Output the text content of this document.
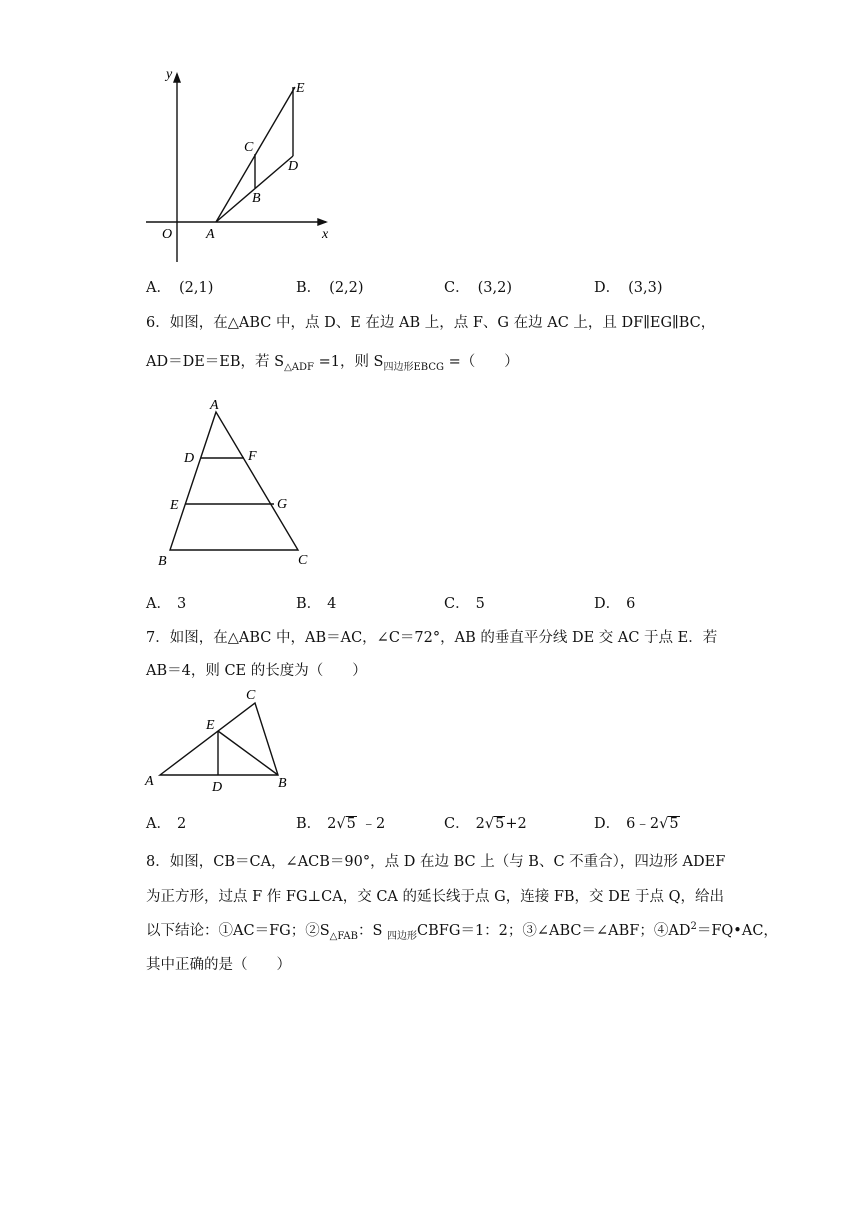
y
x
O A
B
C
D
E
A． (2,1)	B． (2,2)	C． (3,2)	D． (3,3)
6．如图，在△ABC 中，点 D、E 在边 AB 上，点 F、G 在边 AC 上，且 DF∥EG∥BC，
AD＝DE＝EB，若 $S_{\triangle ADF} =1$，则 $S_{四边形EBCG}$ =（　　）
A
D	F
E	G
B	C
A． 3	B． 4	C． 5	D． 6
7．如图，在△ABC 中，AB＝AC，∠C＝72°，AB 的垂直平分线 DE 交 AC 于点 E．若
AB＝4，则 CE 的长度为（　　）
C
E
A	D	B
A． 2	B． 2√5 ﹣2	C． 2√5+2	D． 6﹣2√5
8．如图，CB＝CA，∠ACB＝90°，点 D 在边 BC 上（与 B、C 不重合），四边形 ADEF
为正方形，过点 F 作 FG⊥CA，交 CA 的延长线于点 G，连接 FB，交 DE 于点 Q，给出
以下结论：①AC＝FG；$②S_{\triangle FAB}$：S $_{四边形}$CBFG＝1：2；③∠ABC＝∠ABF；$④AD^2=FQ•AC$，
其中正确的是（　　）
